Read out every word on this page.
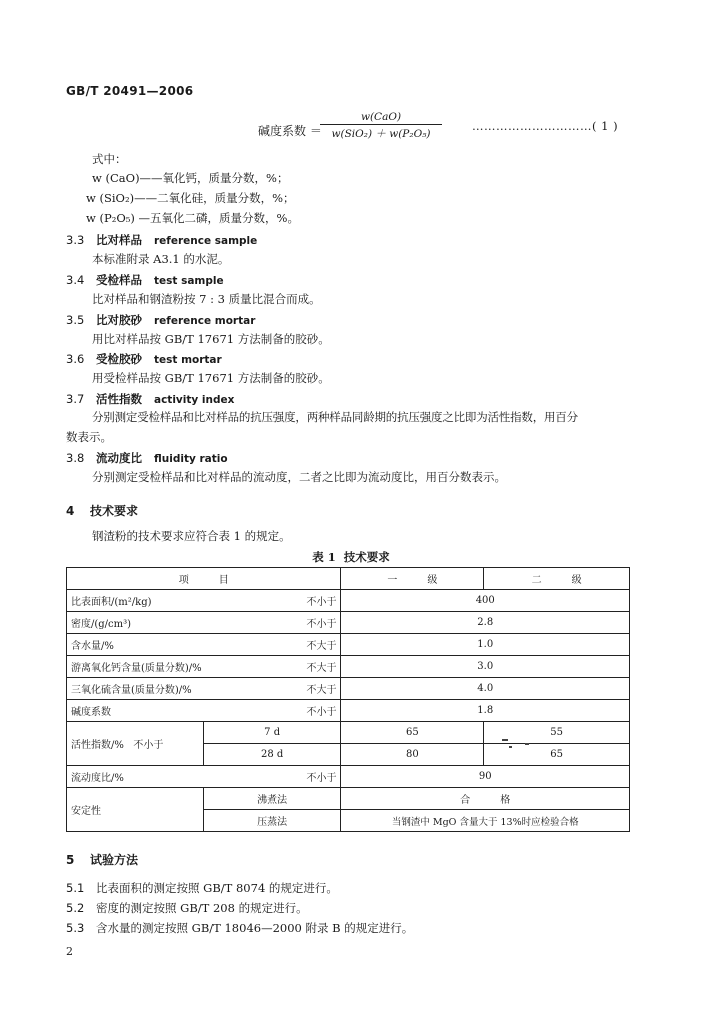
GB/T 20491—2006
碱度系数 ＝
w(CaO)
w(SiO₂) ＋ w(P₂O₅)
…………………………( 1 )
式中：
w (CaO)——氧化钙，质量分数，%；
w (SiO₂)——二氧化硅，质量分数，%；
w (P₂O₅) —五氧化二磷，质量分数，%。
3.3 比对样品 reference sample
本标准附录 A3.1 的水泥。
3.4 受检样品 test sample
比对样品和钢渣粉按 7 : 3 质量比混合而成。
3.5 比对胶砂 reference mortar
用比对样品按 GB/T 17671 方法制备的胶砂。
3.6 受检胶砂 test mortar
用受检样品按 GB/T 17671 方法制备的胶砂。
3.7 活性指数 activity index
分别测定受检样品和比对样品的抗压强度，两种样品同龄期的抗压强度之比即为活性指数，用百分
数表示。
3.8 流动度比 fluidity ratio
分别测定受检样品和比对样品的流动度，二者之比即为流动度比，用百分数表示。
4 技术要求
钢渣粉的技术要求应符合表 1 的规定。
表 1 技术要求
项　　　目		一　　　级	二　　　级
比表面积/(m²/kg) 不小于		400	
密度/(g/cm³) 不小于		2.8	
含水量/% 不大于		1.0	
游离氧化钙含量(质量分数)/% 不大于		3.0	
三氧化硫含量(质量分数)/% 不大于		4.0	
碱度系数 不小于		1.8	
活性指数/% 不小于	7 d	65	55
	28 d	80	65
流动度比/% 不小于		90	
安定性	沸煮法	合　　　格	
	压蒸法	当钢渣中 MgO 含量大于 13%时应检验合格	
5 试验方法
5.1 比表面积的测定按照 GB/T 8074 的规定进行。
5.2 密度的测定按照 GB/T 208 的规定进行。
5.3 含水量的测定按照 GB/T 18046—2000 附录 B 的规定进行。
2
